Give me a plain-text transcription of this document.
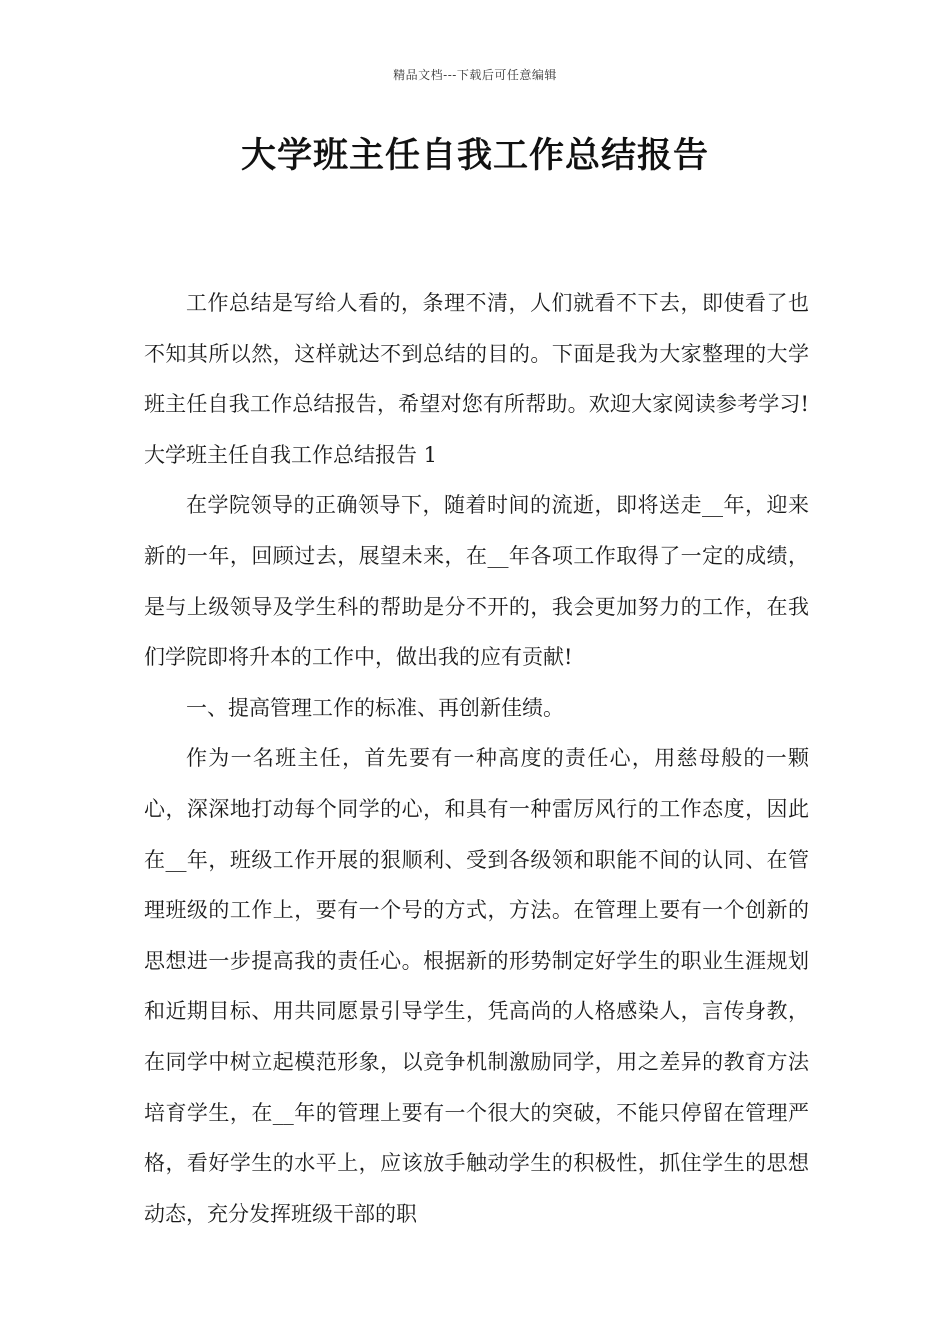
精品文档---下载后可任意编辑
大学班主任自我工作总结报告

工作总结是写给人看的，条理不清，人们就看不下去，即使看了也不知其所以然，这样就达不到总结的目的。下面是我为大家整理的大学班主任自我工作总结报告，希望对您有所帮助。欢迎大家阅读参考学习!大学班主任自我工作总结报告 1

在学院领导的正确领导下，随着时间的流逝，即将送走__年，迎来新的一年，回顾过去，展望未来，在__年各项工作取得了一定的成绩，是与上级领导及学生科的帮助是分不开的，我会更加努力的工作，在我们学院即将升本的工作中，做出我的应有贡献!

一、提高管理工作的标准、再创新佳绩。

作为一名班主任，首先要有一种高度的责任心，用慈母般的一颗心，深深地打动每个同学的心，和具有一种雷厉风行的工作态度，因此在__年，班级工作开展的狠顺利、受到各级领和职能不间的认同、在管理班级的工作上，要有一个号的方式，方法。在管理上要有一个创新的思想进一步提高我的责任心。根据新的形势制定好学生的职业生涯规划和近期目标、用共同愿景引导学生，凭高尚的人格感染人，言传身教，在同学中树立起模范形象，以竞争机制激励同学，用之差异的教育方法培育学生，在__年的管理上要有一个很大的突破，不能只停留在管理严格，看好学生的水平上，应该放手触动学生的积极性，抓住学生的思想动态，充分发挥班级干部的职
